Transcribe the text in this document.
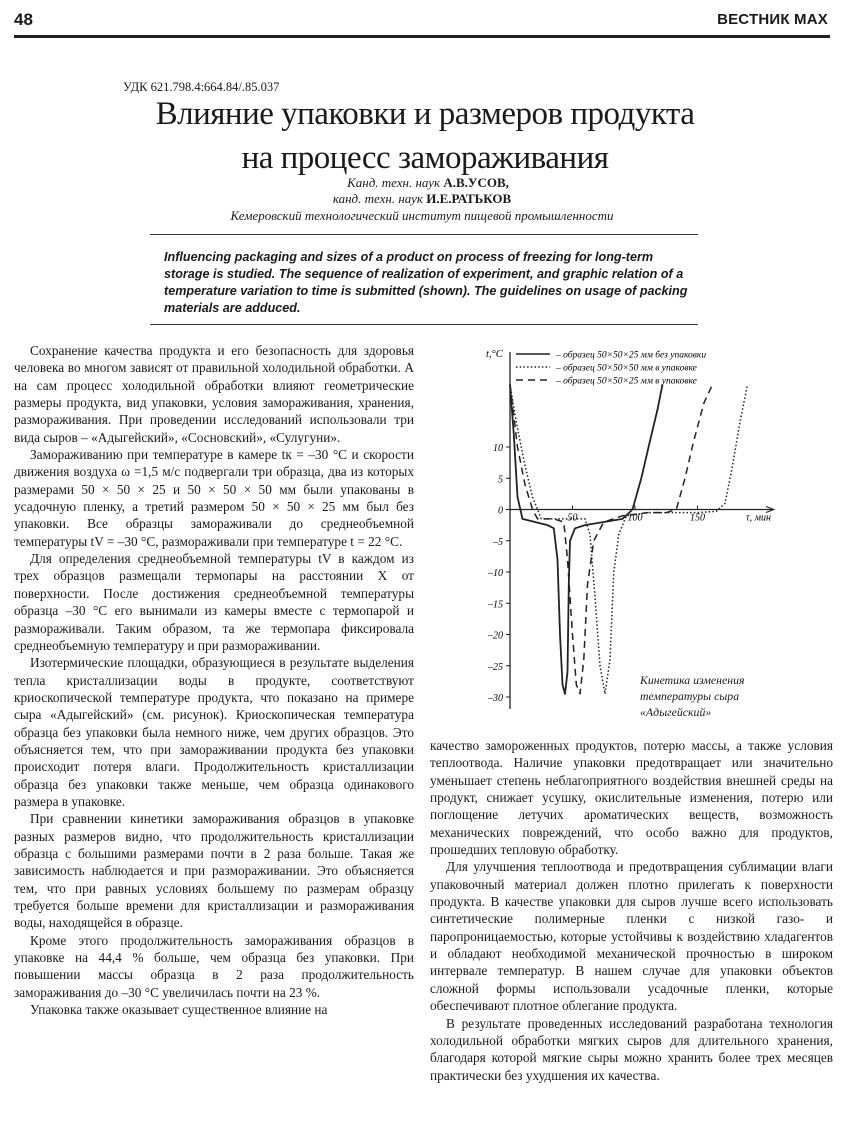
48	ВЕСТНИК МАХ
УДК 621.798.4:664.84/.85.037
Влияние упаковки и размеров продукта
на процесс замораживания
Канд. техн. наук А.В.УСОВ,
канд. техн. наук И.Е.РАТЬКОВ
Кемеровский технологический институт пищевой промышленности
Influencing packaging and sizes of a product on process of freezing for long-term storage is studied. The sequence of realization of experiment, and graphic relation of a temperature variation to time is submitted (shown). The guidelines on usage of packing materials are adduced.

Сохранение качества продукта и его безопасность для здоровья человека во многом зависят от правильной холодильной обработки. А на сам процесс холодильной обработки влияют геометрические размеры продукта, вид упаковки, условия замораживания, хранения, размораживания. При проведении исследований использовали три вида сыров – «Адыгейский», «Сосновский», «Сулугуни».

Замораживанию при температуре в камере tк = –30 °С и скорости движения воздуха ω =1,5 м/с подвергали три образца, два из которых размерами 50 × 50 × 25 и 50 × 50 × 50 мм были упакованы в усадочную пленку, а третий размером 50 × 50 × 25 мм был без упаковки. Все образцы замораживали до среднеобъемной температуры tV = –30 °С, размораживали при температуре t = 22 °С.

Для определения среднеобъемной температуры tV в каждом из трех образцов размещали термопары на расстоянии X от поверхности. После достижения среднеобъемной температуры образца –30 °С его вынимали из камеры вместе с термопарой и размораживали. Таким образом, та же термопара фиксировала среднеобъемную температуру и при размораживании.

Изотермические площадки, образующиеся в результате выделения тепла кристаллизации воды в продукте, соответствуют криоскопической температуре продукта, что показано на примере сыра «Адыгейский» (см. рисунок). Криоскопическая температура образца без упаковки была немного ниже, чем других образцов. Это объясняется тем, что при замораживании продукта без упаковки происходит потеря влаги. Продолжительность кристаллизации образца без упаковки также меньше, чем образца одинакового размера в упаковке.

При сравнении кинетики замораживания образцов в упаковке разных размеров видно, что продолжительность кристаллизации образца с большими размерами почти в 2 раза больше. Такая же зависимость наблюдается и при размораживании. Это объясняется тем, что при равных условиях большему по размерам образцу требуется больше времени для кристаллизации и размораживания воды, находящейся в образце.

Кроме этого продолжительность замораживания образцов в упаковке на 44,4 % больше, чем образца без упаковки. При повышении массы образца в 2 раза продолжительность замораживания до –30 °С увеличилась почти на 23 %.

Упаковка также оказывает существенное влияние на

10
5
0
–5
–10
–15
–20
–25
–30
50	100	150
t,°C
τ, мин
– образец 50×50×25 мм без упаковки
– образец 50×50×50 мм в упаковке
– образец 50×50×25 мм в упаковке
Кинетика изменения
температуры сыра
«Адыгейский»

качество замороженных продуктов, потерю массы, а также условия теплоотвода. Наличие упаковки предотвращает или значительно уменьшает степень неблагоприятного воздействия внешней среды на продукт, снижает усушку, окислительные изменения, потерю или поглощение летучих ароматических веществ, возможность механических повреждений, что особо важно для продуктов, прошедших тепловую обработку.

Для улучшения теплоотвода и предотвращения сублимации влаги упаковочный материал должен плотно прилегать к поверхности продукта. В качестве упаковки для сыров лучше всего использовать синтетические полимерные пленки с низкой газо- и паропроницаемостью, которые устойчивы к воздействию хладагентов и обладают необходимой механической прочностью в широком интервале температур. В нашем случае для упаковки объектов сложной формы использовали усадочные пленки, которые обеспечивают плотное облегание продукта.

В результате проведенных исследований разработана технология холодильной обработки мягких сыров для длительного хранения, благодаря которой мягкие сыры можно хранить более трех месяцев практически без ухудшения их качества.
